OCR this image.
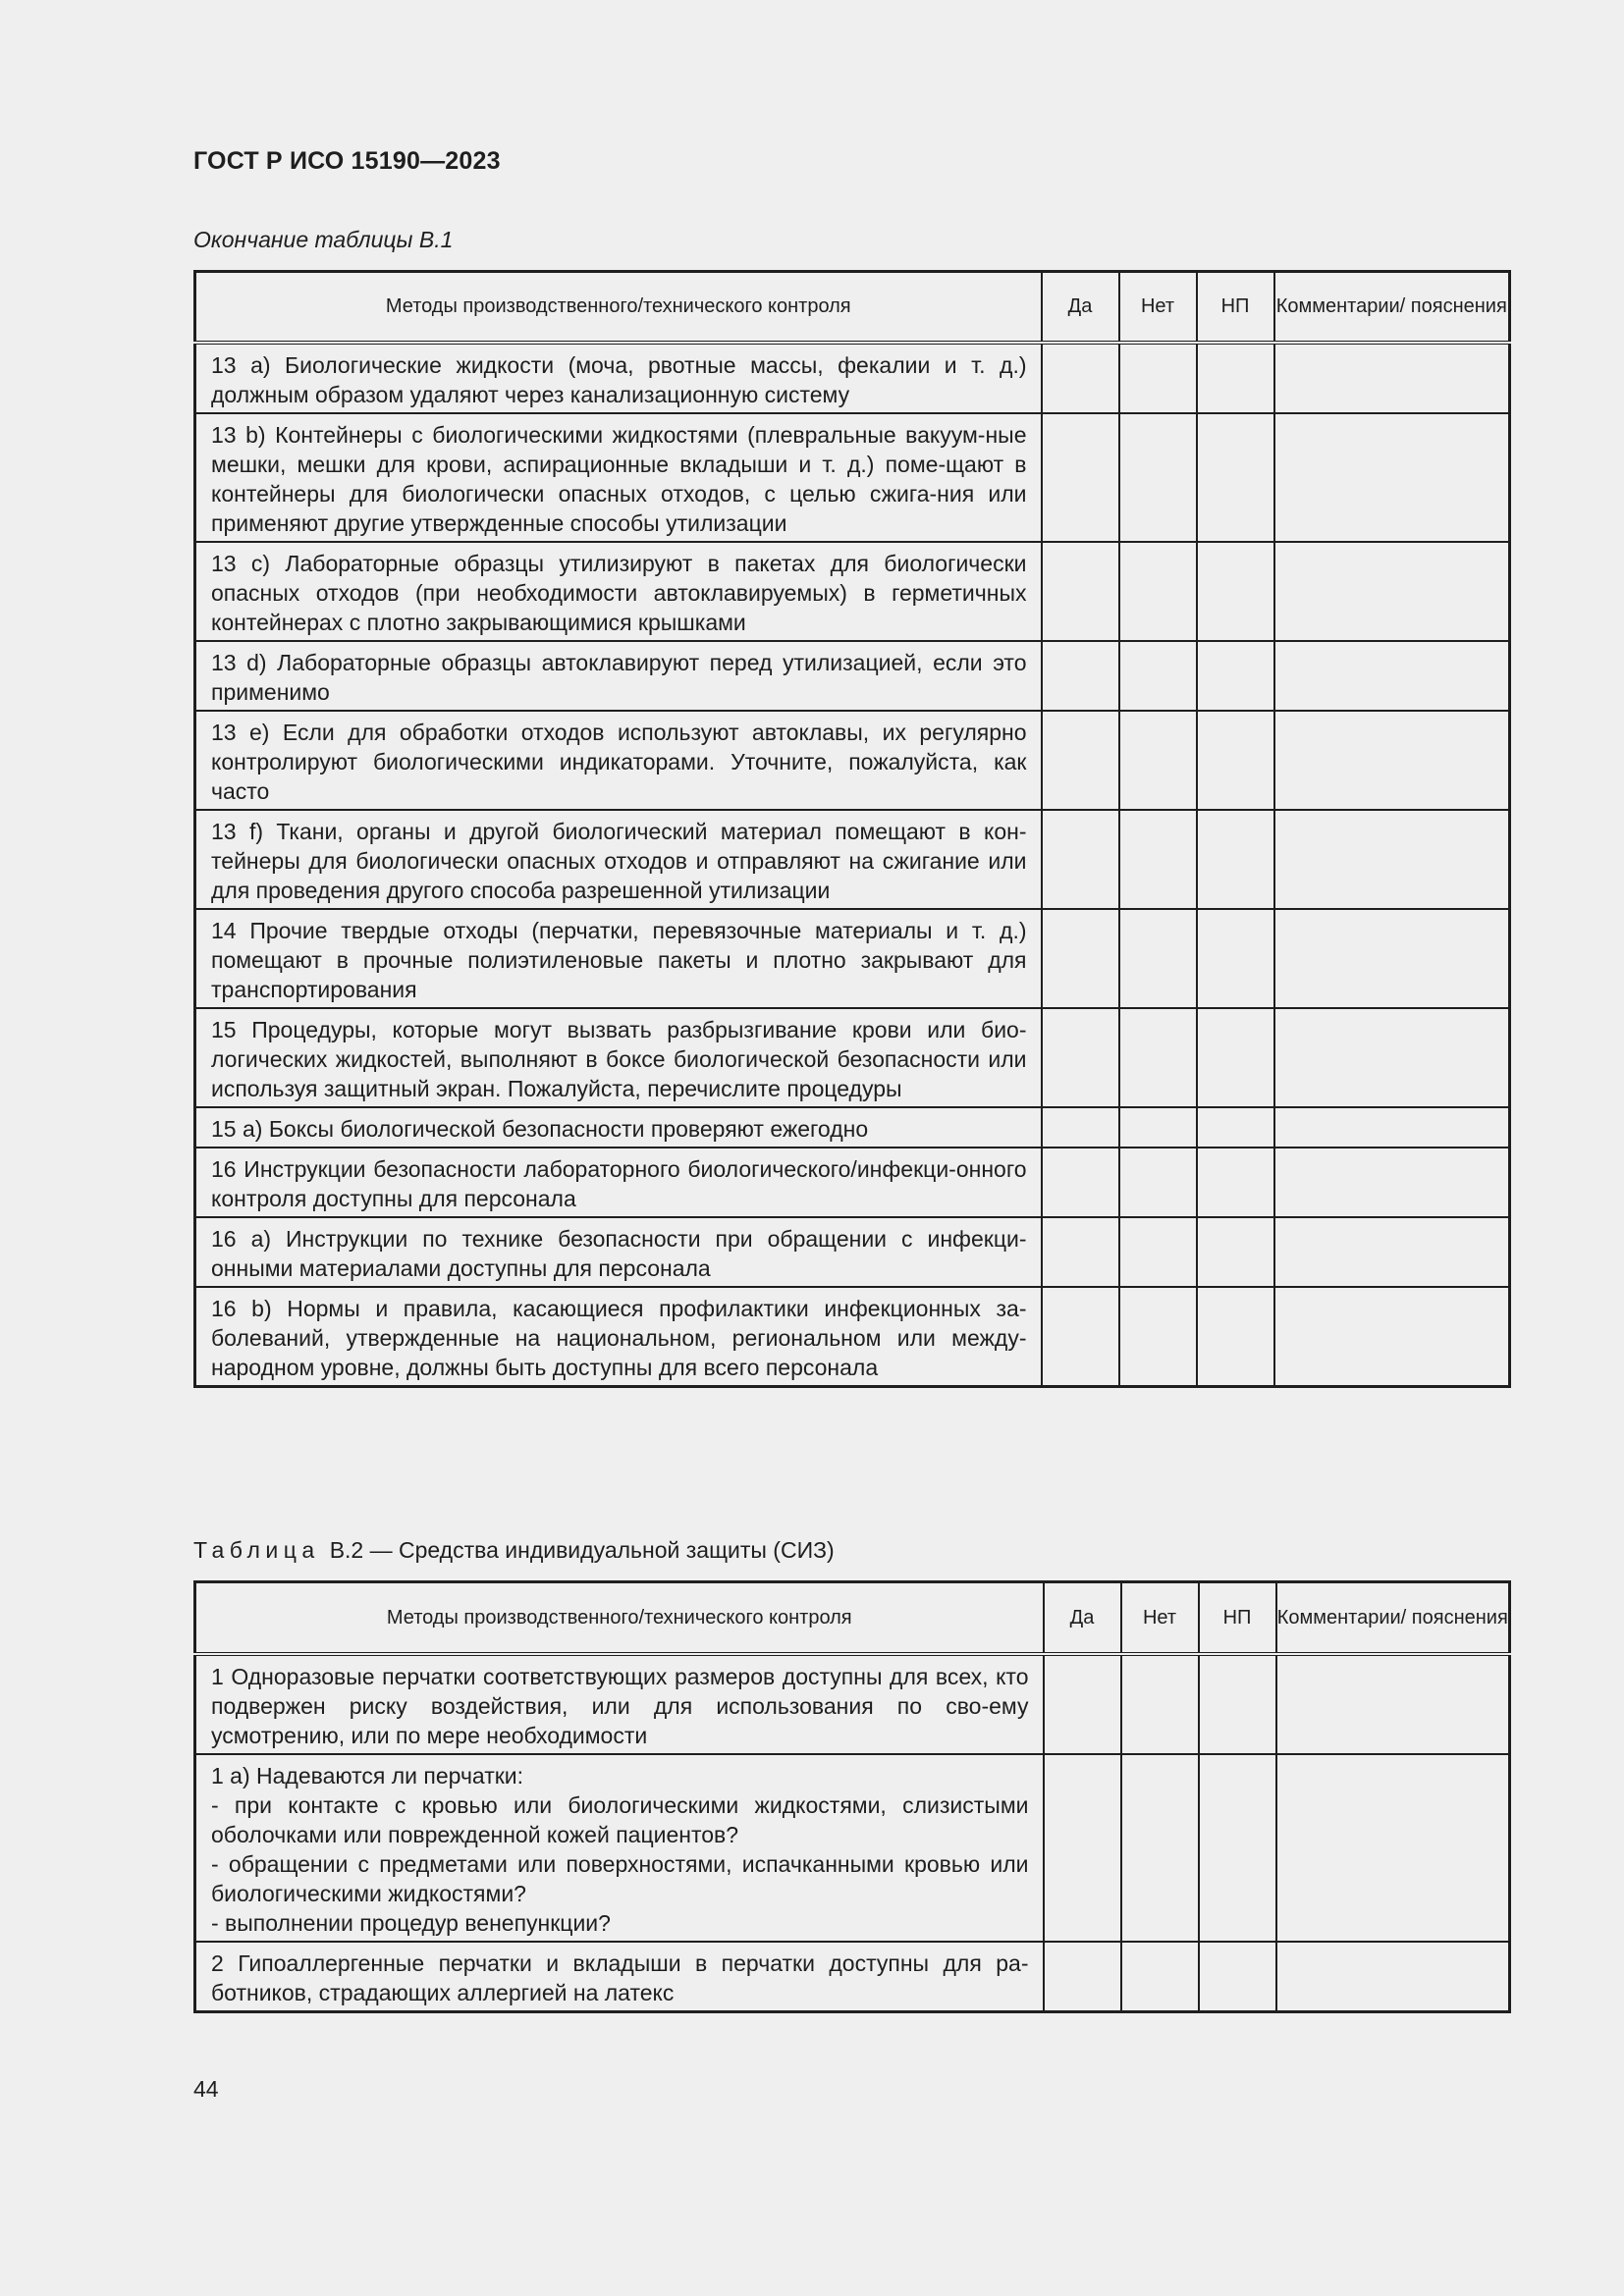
ГОСТ Р ИСО 15190—2023
Окончание таблицы В.1
Методы производственного/технического контроля	Да	Нет	НП	Комментарии/ пояснения
13 a) Биологические жидкости (моча, рвотные массы, фекалии и т. д.) должным образом удаляют через канализационную систему				
13 b) Контейнеры с биологическими жидкостями (плевральные вакуум-ные мешки, мешки для крови, аспирационные вкладыши и т. д.) поме-щают в контейнеры для биологически опасных отходов, с целью сжига-ния или применяют другие утвержденные способы утилизации				
13 c) Лабораторные образцы утилизируют в пакетах для биологически опасных отходов (при необходимости автоклавируемых) в герметичных контейнерах с плотно закрывающимися крышками				
13 d) Лабораторные образцы автоклавируют перед утилизацией, если это применимо				
13 e) Если для обработки отходов используют автоклавы, их регулярно контролируют биологическими индикаторами. Уточните, пожалуйста, как часто				
13 f) Ткани, органы и другой биологический материал помещают в кон-тейнеры для биологически опасных отходов и отправляют на сжигание или для проведения другого способа разрешенной утилизации				
14 Прочие твердые отходы (перчатки, перевязочные материалы и т. д.) помещают в прочные полиэтиленовые пакеты и плотно закрывают для транспортирования				
15 Процедуры, которые могут вызвать разбрызгивание крови или био-логических жидкостей, выполняют в боксе биологической безопасности или используя защитный экран. Пожалуйста, перечислите процедуры				
15 a) Боксы биологической безопасности проверяют ежегодно				
16 Инструкции безопасности лабораторного биологического/инфекци-онного контроля доступны для персонала				
16 a) Инструкции по технике безопасности при обращении с инфекци-онными материалами доступны для персонала				
16 b) Нормы и правила, касающиеся профилактики инфекционных за-болеваний, утвержденные на национальном, региональном или между-народном уровне, должны быть доступны для всего персонала				
Таблица В.2 — Средства индивидуальной защиты (СИЗ)
Методы производственного/технического контроля	Да	Нет	НП	Комментарии/ пояснения
1 Одноразовые перчатки соответствующих размеров доступны для всех, кто подвержен риску воздействия, или для использования по сво-ему усмотрению, или по мере необходимости				

1 a) Надеваются ли перчатки:
- при контакте с кровью или биологическими жидкостями, слизистыми оболочками или поврежденной кожей пациентов?
- обращении с предметами или поверхностями, испачканными кровью или биологическими жидкостями?
- выполнении процедур венепункции?				

2 Гипоаллергенные перчатки и вкладыши в перчатки доступны для ра-ботников, страдающих аллергией на латекс				
44
